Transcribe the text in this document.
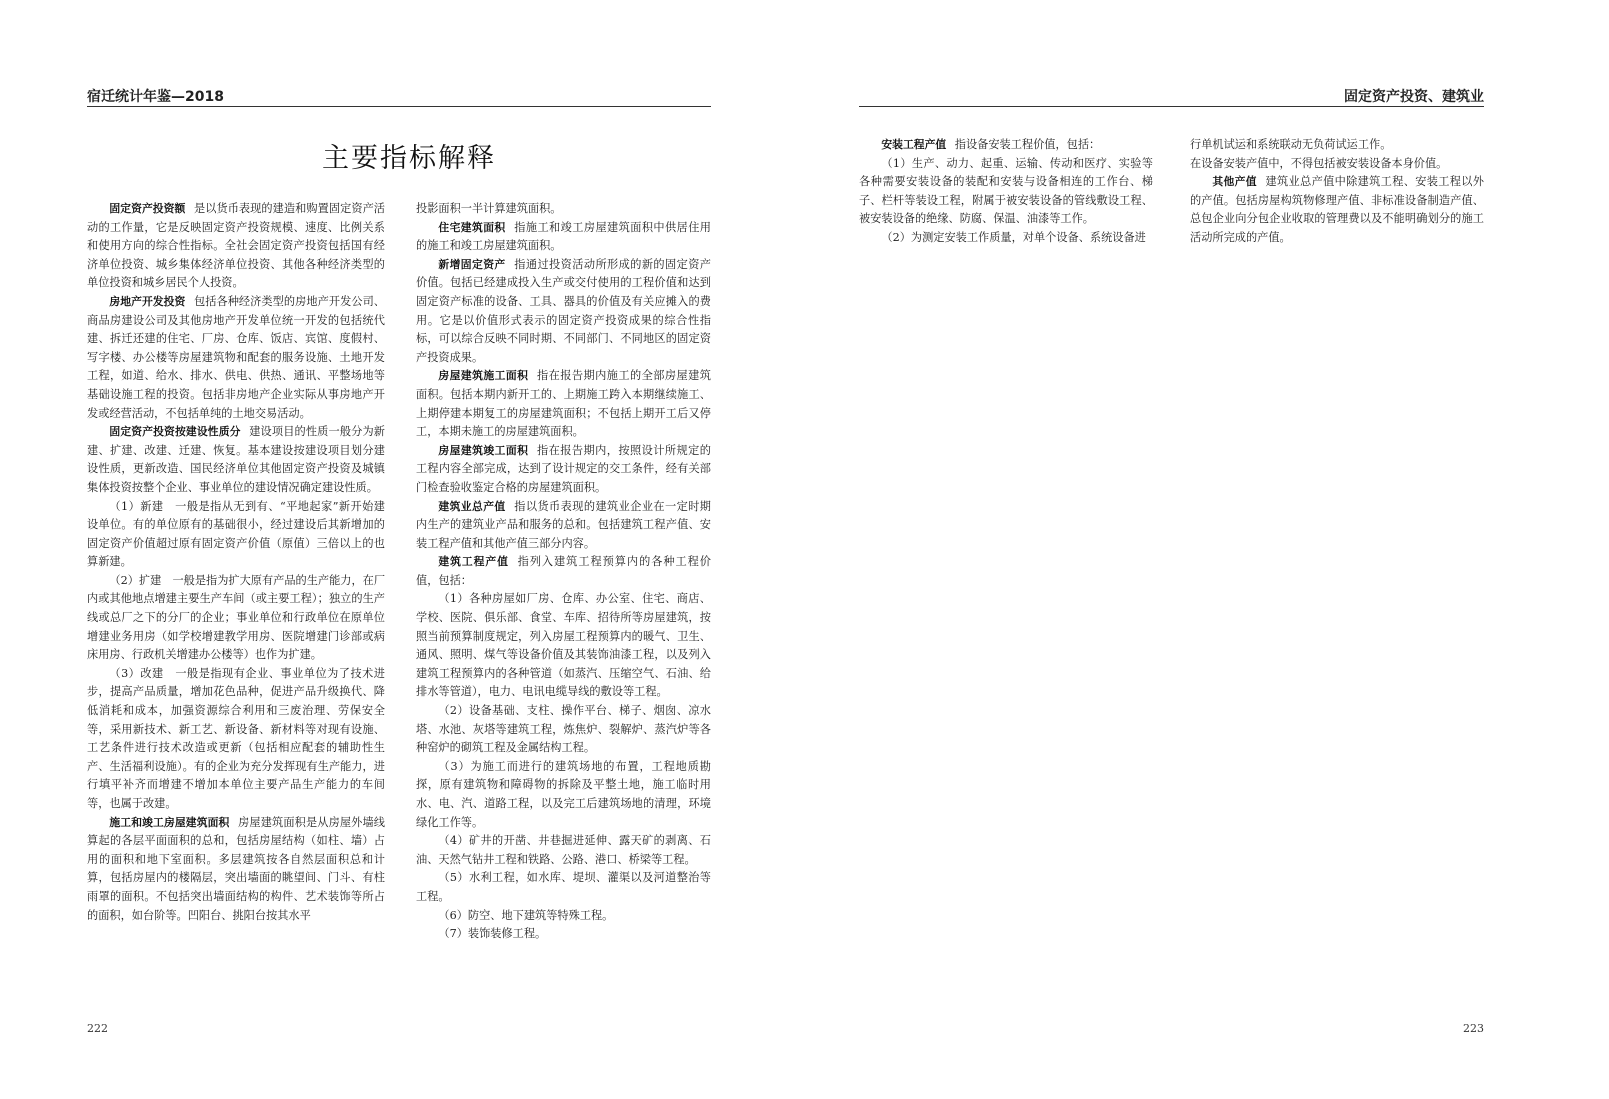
宿迁统计年鉴—2018
主要指标解释

固定资产投资额 是以货币表现的建造和购置固定资产活动的工作量，它是反映固定资产投资规模、速度、比例关系和使用方向的综合性指标。全社会固定资产投资包括国有经济单位投资、城乡集体经济单位投资、其他各种经济类型的单位投资和城乡居民个人投资。

房地产开发投资 包括各种经济类型的房地产开发公司、商品房建设公司及其他房地产开发单位统一开发的包括统代建、拆迁还建的住宅、厂房、仓库、饭店、宾馆、度假村、写字楼、办公楼等房屋建筑物和配套的服务设施、土地开发工程，如道、给水、排水、供电、供热、通讯、平整场地等基础设施工程的投资。包括非房地产企业实际从事房地产开发或经营活动，不包括单纯的土地交易活动。

固定资产投资按建设性质分 建设项目的性质一般分为新建、扩建、改建、迁建、恢复。基本建设按建设项目划分建设性质，更新改造、国民经济单位其他固定资产投资及城镇集体投资按整个企业、事业单位的建设情况确定建设性质。

（1）新建　一般是指从无到有、“平地起家”新开始建设单位。有的单位原有的基础很小，经过建设后其新增加的固定资产价值超过原有固定资产价值（原值）三倍以上的也算新建。

（2）扩建　一般是指为扩大原有产品的生产能力，在厂内或其他地点增建主要生产车间（或主要工程）；独立的生产线或总厂之下的分厂的企业；事业单位和行政单位在原单位增建业务用房（如学校增建教学用房、医院增建门诊部或病床用房、行政机关增建办公楼等）也作为扩建。

（3）改建　一般是指现有企业、事业单位为了技术进步，提高产品质量，增加花色品种，促进产品升级换代、降低消耗和成本，加强资源综合利用和三废治理、劳保安全等，采用新技术、新工艺、新设备、新材料等对现有设施、工艺条件进行技术改造或更新（包括相应配套的辅助性生产、生活福利设施）。有的企业为充分发挥现有生产能力，进行填平补齐而增建不增加本单位主要产品生产能力的车间等，也属于改建。

施工和竣工房屋建筑面积 房屋建筑面积是从房屋外墙线算起的各层平面面积的总和，包括房屋结构（如柱、墙）占用的面积和地下室面积。多层建筑按各自然层面积总和计算，包括房屋内的楼隔层，突出墙面的眺望间、门斗、有柱雨罩的面积。不包括突出墙面结构的构件、艺术装饰等所占的面积，如台阶等。凹阳台、挑阳台按其水平

投影面积一半计算建筑面积。

住宅建筑面积 指施工和竣工房屋建筑面积中供居住用的施工和竣工房屋建筑面积。

新增固定资产 指通过投资活动所形成的新的固定资产价值。包括已经建成投入生产或交付使用的工程价值和达到固定资产标准的设备、工具、器具的价值及有关应摊入的费用。它是以价值形式表示的固定资产投资成果的综合性指标，可以综合反映不同时期、不同部门、不同地区的固定资产投资成果。

房屋建筑施工面积 指在报告期内施工的全部房屋建筑面积。包括本期内新开工的、上期施工跨入本期继续施工、上期停建本期复工的房屋建筑面积；不包括上期开工后又停工，本期未施工的房屋建筑面积。

房屋建筑竣工面积 指在报告期内，按照设计所规定的工程内容全部完成，达到了设计规定的交工条件，经有关部门检查验收鉴定合格的房屋建筑面积。

建筑业总产值 指以货币表现的建筑业企业在一定时期内生产的建筑业产品和服务的总和。包括建筑工程产值、安装工程产值和其他产值三部分内容。

建筑工程产值 指列入建筑工程预算内的各种工程价值，包括：

（1）各种房屋如厂房、仓库、办公室、住宅、商店、学校、医院、俱乐部、食堂、车库、招待所等房屋建筑，按照当前预算制度规定，列入房屋工程预算内的暖气、卫生、通风、照明、煤气等设备价值及其装饰油漆工程，以及列入建筑工程预算内的各种管道（如蒸汽、压缩空气、石油、给排水等管道），电力、电讯电缆导线的敷设等工程。

（2）设备基础、支柱、操作平台、梯子、烟囱、凉水塔、水池、灰塔等建筑工程，炼焦炉、裂解炉、蒸汽炉等各种窑炉的砌筑工程及金属结构工程。

（3）为施工而进行的建筑场地的布置，工程地质勘探，原有建筑物和障碍物的拆除及平整土地，施工临时用水、电、汽、道路工程，以及完工后建筑场地的清理，环境绿化工作等。

（4）矿井的开凿、井巷掘进延伸、露天矿的剥离、石油、天然气钻井工程和铁路、公路、港口、桥梁等工程。

（5）水利工程，如水库、堤坝、灌渠以及河道整治等工程。

（6）防空、地下建筑等特殊工程。

（7）装饰装修工程。

222
固定资产投资、建筑业

安装工程产值 指设备安装工程价值，包括：

（1）生产、动力、起重、运输、传动和医疗、实验等各种需要安装设备的装配和安装与设备相连的工作台、梯子、栏杆等装设工程，附属于被安装设备的管线敷设工程、被安装设备的绝缘、防腐、保温、油漆等工作。

（2）为测定安装工作质量，对单个设备、系统设备进

行单机试运和系统联动无负荷试运工作。

在设备安装产值中，不得包括被安装设备本身价值。

其他产值 建筑业总产值中除建筑工程、安装工程以外的产值。包括房屋构筑物修理产值、非标准设备制造产值、总包企业向分包企业收取的管理费以及不能明确划分的施工活动所完成的产值。

223
